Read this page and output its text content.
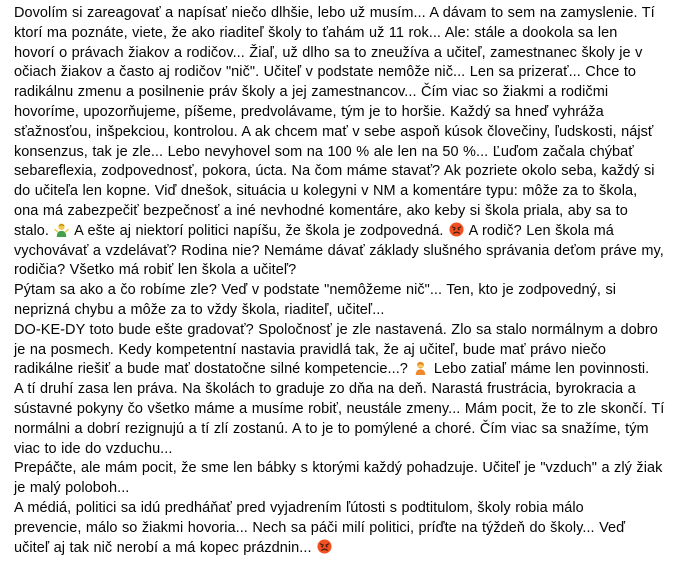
Dovolím si zareagovať a napísať niečo dlhšie, lebo už musím... A dávam to sem na zamyslenie. Tí
ktorí ma poznáte, viete, že ako riaditeľ školy to ťahám už 11 rok... Ale: stále a dookola sa len
hovorí o právach žiakov a rodičov... Žiaľ, už dlho sa to zneužíva a učiteľ, zamestnanec školy je v
očiach žiakov a často aj rodičov "nič". Učiteľ v podstate nemôže nič... Len sa prizerať... Chce to
radikálnu zmenu a posilnenie práv školy a jej zamestnancov... Čím viac so žiakmi a rodičmi
hovoríme, upozorňujeme, píšeme, predvolávame, tým je to horšie. Každý sa hneď vyhráža
sťažnosťou, inšpekciou, kontrolou. A ak chcem mať v sebe aspoň kúsok človečiny, ľudskosti, nájsť
konsenzus, tak je zle... Lebo nevyhovel som na 100 % ale len na 50 %... Ľuďom začala chýbať
sebareflexia, zodpovednosť, pokora, úcta. Na čom máme stavať? Ak pozriete okolo seba, každý si
do učiteľa len kopne. Viď dnešok, situácia u kolegyni v NM a komentáre typu: môže za to škola,
ona má zabezpečiť bezpečnosť a iné nevhodné komentáre, ako keby si škola priala, aby sa to
stalo. A ešte aj niektorí politici napíšu, že škola je zodpovedná. A rodič? Len škola má
vychovávať a vzdelávať? Rodina nie? Nemáme dávať základy slušného správania deťom práve my,
rodičia? Všetko má robiť len škola a učiteľ?

Pýtam sa ako a čo robíme zle? Veď v podstate "nemôžeme nič"... Ten, kto je zodpovedný, si
neprizná chybu a môže za to vždy škola, riaditeľ, učiteľ...

DO-KE-DY toto bude ešte gradovať? Spoločnosť je zle nastavená. Zlo sa stalo normálnym a dobro
je na posmech. Kedy kompetentní nastavia pravidlá tak, že aj učiteľ, bude mať právo niečo
radikálne riešiť a bude mať dostatočne silné kompetencie...? Lebo zatiaľ máme len povinnosti.
A tí druhí zasa len práva. Na školách to graduje zo dňa na deň. Narastá frustrácia, byrokracia a
sústavné pokyny čo všetko máme a musíme robiť, neustále zmeny... Mám pocit, že to zle skončí. Tí
normálni a dobrí rezignujú a tí zlí zostanú. A to je to pomýlené a choré. Čím viac sa snažíme, tým
viac to ide do vzduchu...

Prepáčte, ale mám pocit, že sme len bábky s ktorými každý pohadzuje. Učiteľ je "vzduch" a zlý žiak
je malý poloboh...

A médiá, politici sa idú predháňať pred vyjadrením ľútosti s podtitulom, školy robia málo
prevencie, málo so žiakmi hovoria... Nech sa páči milí politici, príďte na týždeň do školy... Veď
učiteľ aj tak nič nerobí a má kopec prázdnin...
